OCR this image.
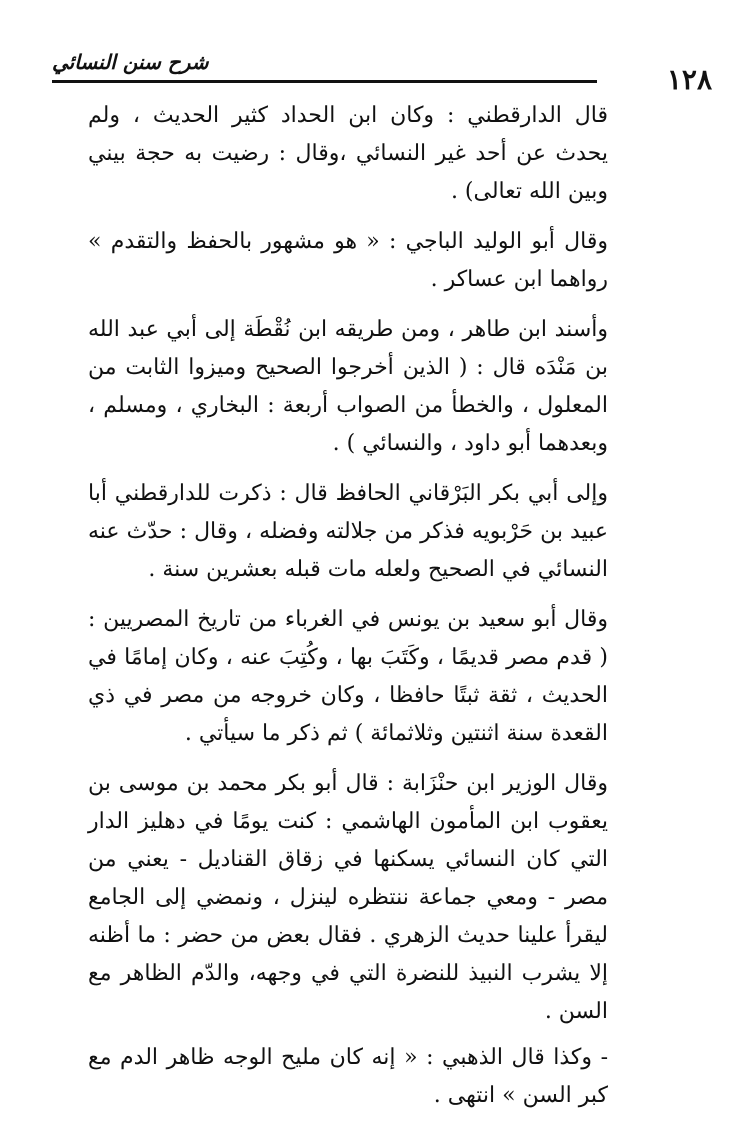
شرح سنن النسائي
١٢٨

قال الدارقطني : وكان ابن الحداد كثير الحديث ، ولم يحدث عن أحد غير النسائي ،وقال : رضيت به حجة بيني وبين الله تعالى) .

وقال أبو الوليد الباجي : « هو مشهور بالحفظ والتقدم » رواهما ابن عساكر .

وأسند ابن طاهر ، ومن طريقه ابن نُقْطَة إلى أبي عبد الله بن مَنْدَه قال : ( الذين أخرجوا الصحيح وميزوا الثابت من المعلول ، والخطأ من الصواب أربعة : البخاري ، ومسلم ، وبعدهما أبو داود ، والنسائي ) .

وإلى أبي بكر البَرْقاني الحافظ قال : ذكرت للدارقطني أبا عبيد بن حَرْبويه فذكر من جلالته وفضله ، وقال : حدّث عنه النسائي في الصحيح ولعله مات قبله بعشرين سنة .

وقال أبو سعيد بن يونس في الغرباء من تاريخ المصريين : ( قدم مصر قديمًا ، وكَتَبَ بها ، وكُتِبَ عنه ، وكان إمامًا في الحديث ، ثقة ثبتًا حافظا ، وكان خروجه من مصر في ذي القعدة سنة اثنتين وثلاثمائة ) ثم ذكر ما سيأتي .

وقال الوزير ابن حنْزَابة : قال أبو بكر محمد بن موسى بن يعقوب ابن المأمون الهاشمي : كنت يومًا في دهليز الدار التي كان النسائي يسكنها في زقاق القناديل - يعني من مصر - ومعي جماعة ننتظره لينزل ، ونمضي إلى الجامع ليقرأ علينا حديث الزهري . فقال بعض من حضر : ما أظنه إلا يشرب النبيذ للنضرة التي في وجهه، والدّم الظاهر مع السن .

- وكذا قال الذهبي : « إنه كان مليح الوجه ظاهر الدم مع كبر السن » انتهى .
